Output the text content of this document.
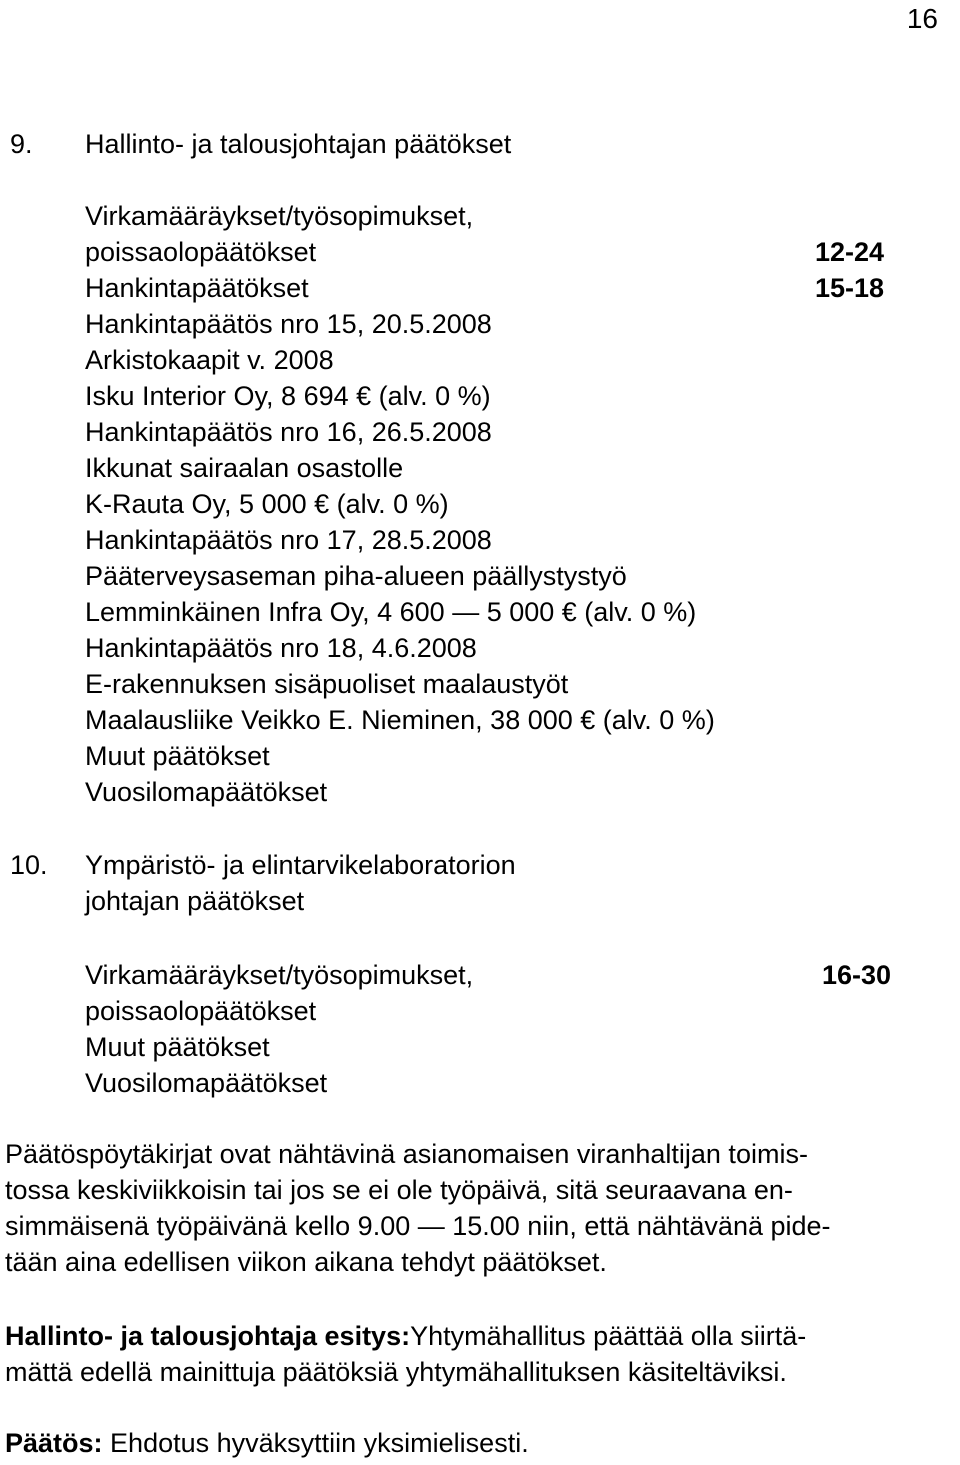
16
9. Hallinto- ja talousjohtajan päätökset
Virkamääräykset/työsopimukset,
poissaolopäätökset
Hankintapäätökset
Hankintapäätös nro 15, 20.5.2008
Arkistokaapit v. 2008
Isku Interior Oy, 8 694 € (alv. 0 %)
Hankintapäätös nro 16, 26.5.2008
Ikkunat sairaalan osastolle
K-Rauta Oy, 5 000 € (alv. 0 %)
Hankintapäätös nro 17, 28.5.2008
Pääterveysaseman piha-alueen päällystystyö
Lemminkäinen Infra Oy, 4 600 — 5 000 € (alv. 0 %)
Hankintapäätös nro 18, 4.6.2008
E-rakennuksen sisäpuoliset maalaustyöt
Maalausliike Veikko E. Nieminen, 38 000 € (alv. 0 %)
Muut päätökset
Vuosilomapäätökset
12-24
15-18
10. Ympäristö- ja elintarvikelaboratorion
johtajan päätökset
Virkamääräykset/työsopimukset,
poissaolopäätökset
Muut päätökset
Vuosilomapäätökset
16-30
Päätöspöytäkirjat ovat nähtävinä asianomaisen viranhaltijan toimis-
tossa keskiviikkoisin tai jos se ei ole työpäivä, sitä seuraavana en-
simmäisenä työpäivänä kello 9.00 — 15.00 niin, että nähtävänä pide-
tään aina edellisen viikon aikana tehdyt päätökset.
Hallinto- ja talousjohtaja esitys:Yhtymähallitus päättää olla siirtä-
mättä edellä mainittuja päätöksiä yhtymähallituksen käsiteltäviksi.
Päätös: Ehdotus hyväksyttiin yksimielisesti.
